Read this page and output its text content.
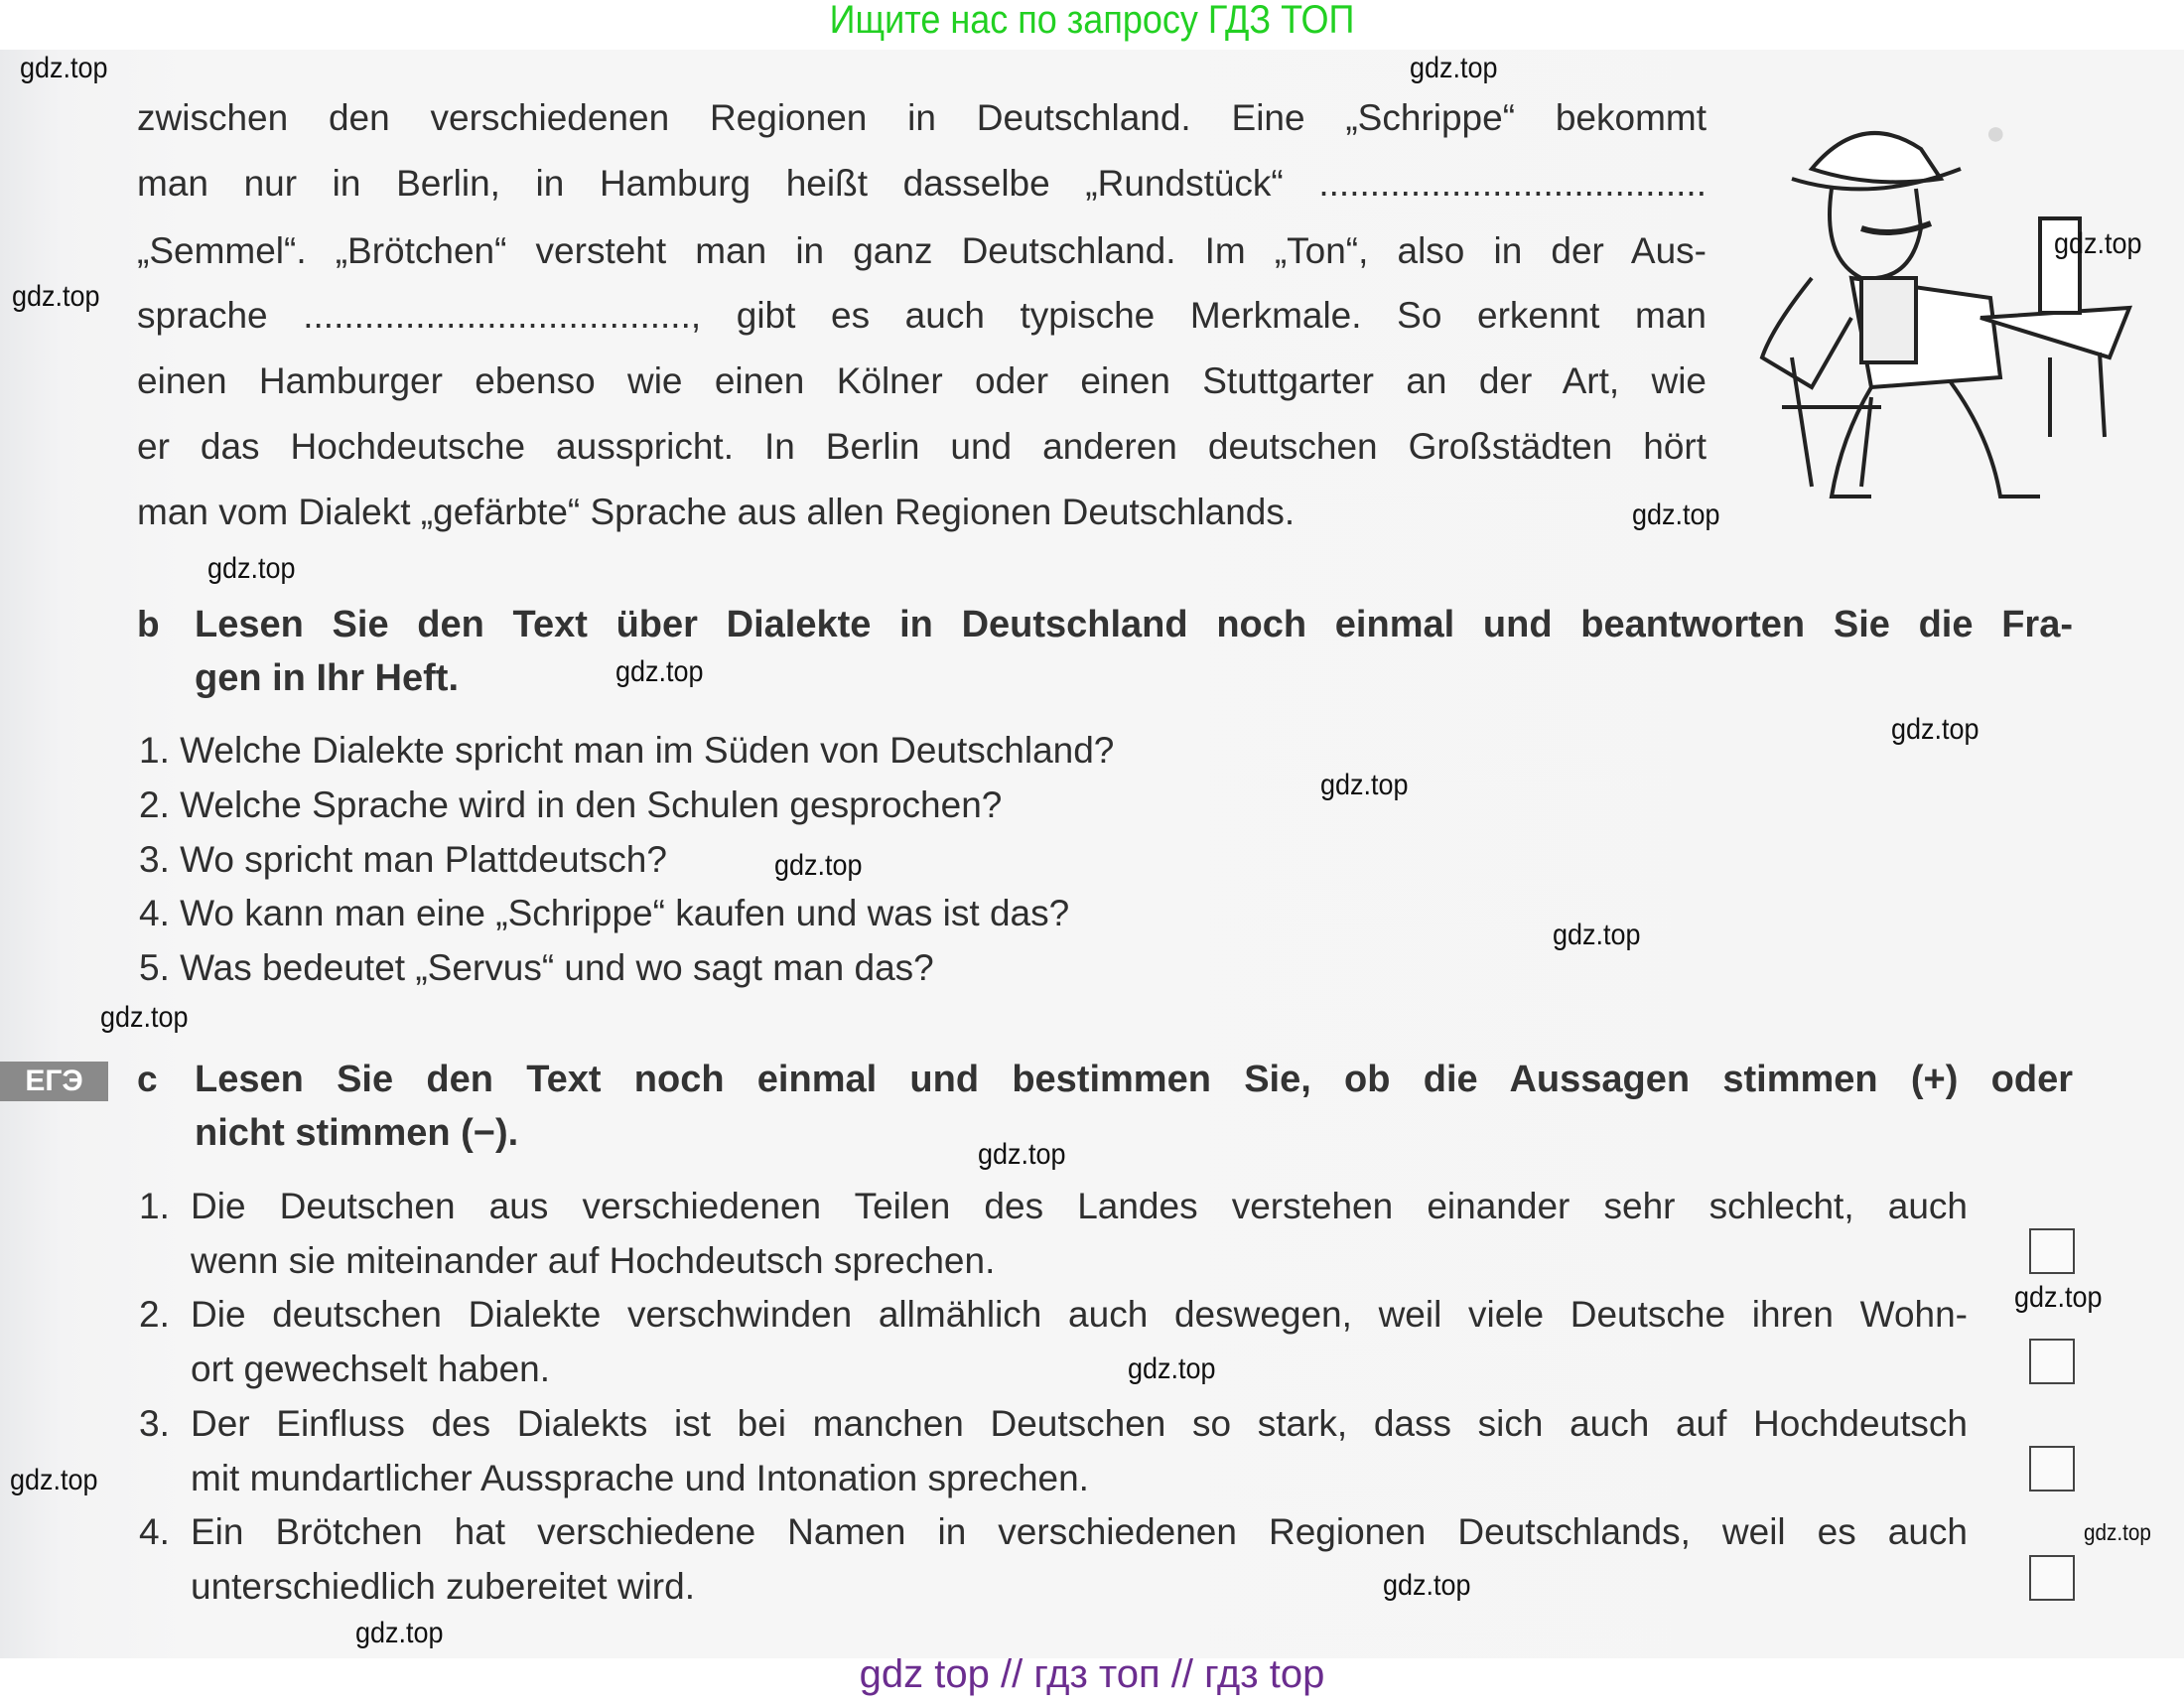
●
Ищите нас по запросу ГДЗ ТОП
zwischen den verschiedenen Regionen in Deutschland. Eine „Schrippe“ bekommt
man nur in Berlin, in Hamburg heißt dasselbe „Rundstück“ ......................................
„Semmel“. „Brötchen“ versteht man in ganz Deutschland. Im „Ton“, also in der Aus-
sprache ......................................, gibt es auch typische Merkmale. So erkennt man
einen Hamburger ebenso wie einen Kölner oder einen Stuttgarter an der Art, wie
er das Hochdeutsche ausspricht. In Berlin und anderen deutschen Großstädten hört
man vom Dialekt „gefärbte“ Sprache aus allen Regionen Deutschlands.
b Lesen Sie den Text über Dialekte in Deutschland noch einmal und beantworten Sie die Fra-
gen in Ihr Heft.
1. Welche Dialekte spricht man im Süden von Deutschland?
2. Welche Sprache wird in den Schulen gesprochen?
3. Wo spricht man Plattdeutsch?
4. Wo kann man eine „Schrippe“ kaufen und was ist das?
5. Was bedeutet „Servus“ und wo sagt man das?
ЕГЭ	c Lesen Sie den Text noch einmal und bestimmen Sie, ob die Aussagen stimmen (+) oder
nicht stimmen (−).
1. Die Deutschen aus verschiedenen Teilen des Landes verstehen einander sehr schlecht, auch
wenn sie miteinander auf Hochdeutsch sprechen.
2. Die deutschen Dialekte verschwinden allmählich auch deswegen, weil viele Deutsche ihren Wohn-
ort gewechselt haben.
3. Der Einfluss des Dialekts ist bei manchen Deutschen so stark, dass sich auch auf Hochdeutsch
mit mundartlicher Aussprache und Intonation sprechen.
4. Ein Brötchen hat verschiedene Namen in verschiedenen Regionen Deutschlands, weil es auch
unterschiedlich zubereitet wird.
gdz top // гдз топ // гдз top
gdz.top	gdz.top
gdz.top
gdz.top
gdz.top
gdz.top
gdz.top
gdz.top
gdz.top
gdz.top
gdz.top
gdz.top
gdz.top
gdz.top
gdz.top
gdz.top
gdz.top
gdz.top
gdz.top
